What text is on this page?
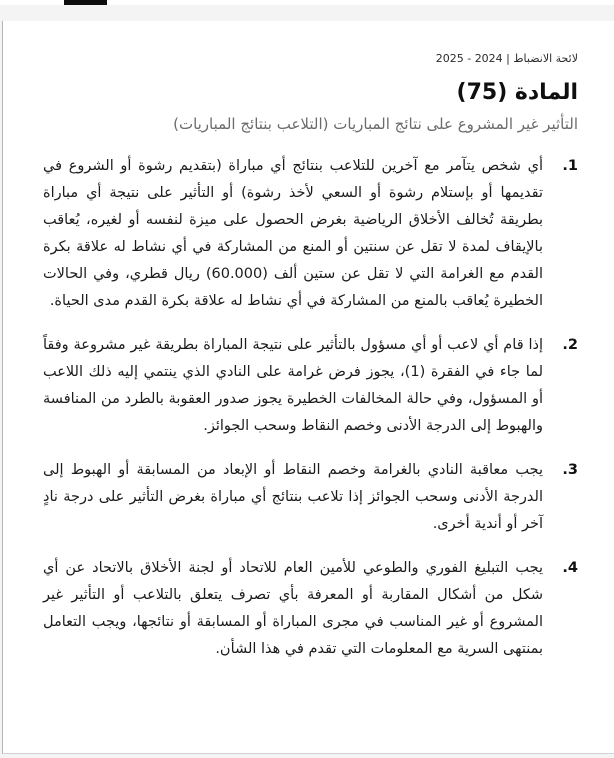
لائحة الانضباط | 2024 - 2025
المادة (75)
التأثير غير المشروع على نتائج المباريات (التلاعب بنتائج المباريات)
1.
أي شخص يتآمر مع آخرين للتلاعب بنتائج أي مباراة (بتقديم رشوة أو الشروع في تقديمها أو بإستلام رشوة أو السعي لأخذ رشوة) أو التأثير على نتيجة أي مباراة بطريقة تُخالف الأخلاق الرياضية بغرض الحصول على ميزة لنفسه أو لغيره، يُعاقب بالإيقاف لمدة لا تقل عن سنتين أو المنع من المشاركة في أي نشاط له علاقة بكرة القدم مع الغرامة التي لا تقل عن ستين ألف (60.000) ريال قطري، وفي الحالات الخطيرة يُعاقب بالمنع من المشاركة في أي نشاط له علاقة بكرة القدم مدى الحياة.
2.
إذا قام أي لاعب أو أي مسؤول بالتأثير على نتيجة المباراة بطريقة غير مشروعة وفقاً لما جاء في الفقرة (1)، يجوز فرض غرامة على النادي الذي ينتمي إليه ذلك اللاعب أو المسؤول، وفي حالة المخالفات الخطيرة يجوز صدور العقوبة بالطرد من المنافسة والهبوط إلى الدرجة الأدنى وخصم النقاط وسحب الجوائز.
3.
يجب معاقبة النادي بالغرامة وخصم النقاط أو الإبعاد من المسابقة أو الهبوط إلى الدرجة الأدنى وسحب الجوائز إذا تلاعب بنتائج أي مباراة بغرض التأثير على درجة نادٍ آخر أو أندية أخرى.
4.
يجب التبليغ الفوري والطوعي للأمين العام للاتحاد أو لجنة الأخلاق بالاتحاد عن أي شكل من أشكال المقاربة أو المعرفة بأي تصرف يتعلق بالتلاعب أو التأثير غير المشروع أو غير المناسب في مجرى المباراة أو المسابقة أو نتائجها، ويجب التعامل بمنتهى السرية مع المعلومات التي تقدم في هذا الشأن.
